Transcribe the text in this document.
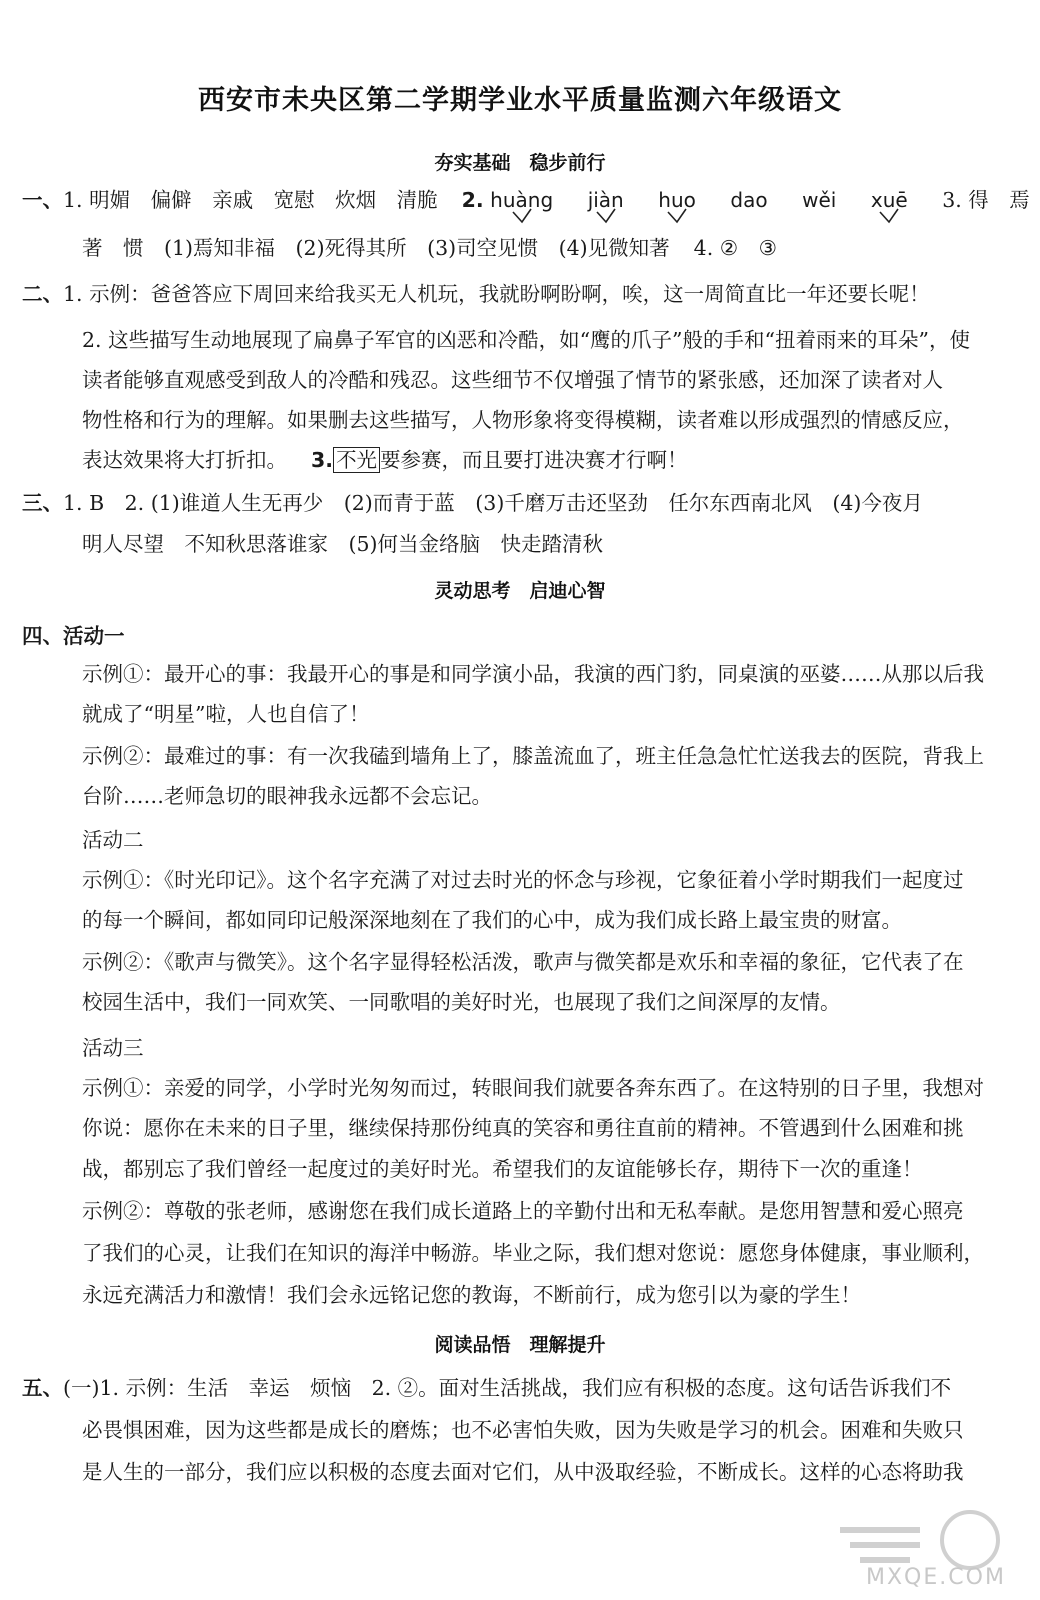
西安市未央区第二学期学业水平质量监测六年级语文
夯实基础　稳步前行
一、1. 明媚　偏僻　亲戚　宽慰　炊烟　清脆 2. huàng jiàn huo dao wěi xuē 3. 得　焉
著　惯　(1)焉知非福　(2)死得其所　(3)司空见惯　(4)见微知著 4. ②　③
二、1. 示例：爸爸答应下周回来给我买无人机玩，我就盼啊盼啊，唉，这一周简直比一年还要长呢！
2. 这些描写生动地展现了扁鼻子军官的凶恶和冷酷，如“鹰的爪子”般的手和“扭着雨来的耳朵”，使
读者能够直观感受到敌人的冷酷和残忍。这些细节不仅增强了情节的紧张感，还加深了读者对人
物性格和行为的理解。如果删去这些描写，人物形象将变得模糊，读者难以形成强烈的情感反应，
表达效果将大打折扣。 3. 不光 要参赛，而且要打进决赛才行啊！
三、1. B　2. (1)谁道人生无再少　(2)而青于蓝　(3)千磨万击还坚劲　任尔东西南北风　(4)今夜月
明人尽望　不知秋思落谁家　(5)何当金络脑　快走踏清秋
灵动思考　启迪心智
四、活动一
示例①：最开心的事：我最开心的事是和同学演小品，我演的西门豹，同桌演的巫婆……从那以后我
就成了“明星”啦，人也自信了！
示例②：最难过的事：有一次我磕到墙角上了，膝盖流血了，班主任急急忙忙送我去的医院，背我上
台阶……老师急切的眼神我永远都不会忘记。
活动二
示例①：《时光印记》。这个名字充满了对过去时光的怀念与珍视，它象征着小学时期我们一起度过
的每一个瞬间，都如同印记般深深地刻在了我们的心中，成为我们成长路上最宝贵的财富。
示例②：《歌声与微笑》。这个名字显得轻松活泼，歌声与微笑都是欢乐和幸福的象征，它代表了在
校园生活中，我们一同欢笑、一同歌唱的美好时光，也展现了我们之间深厚的友情。
活动三
示例①：亲爱的同学，小学时光匆匆而过，转眼间我们就要各奔东西了。在这特别的日子里，我想对
你说：愿你在未来的日子里，继续保持那份纯真的笑容和勇往直前的精神。不管遇到什么困难和挑
战，都别忘了我们曾经一起度过的美好时光。希望我们的友谊能够长存，期待下一次的重逢！
示例②：尊敬的张老师，感谢您在我们成长道路上的辛勤付出和无私奉献。是您用智慧和爱心照亮
了我们的心灵，让我们在知识的海洋中畅游。毕业之际，我们想对您说：愿您身体健康，事业顺利，
永远充满活力和激情！我们会永远铭记您的教诲，不断前行，成为您引以为豪的学生！
阅读品悟　理解提升
五、(一)1. 示例：生活　幸运　烦恼　2. ②。面对生活挑战，我们应有积极的态度。这句话告诉我们不
必畏惧困难，因为这些都是成长的磨炼；也不必害怕失败，因为失败是学习的机会。困难和失败只
是人生的一部分，我们应以积极的态度去面对它们，从中汲取经验，不断成长。这样的心态将助我
MXQE.COM
